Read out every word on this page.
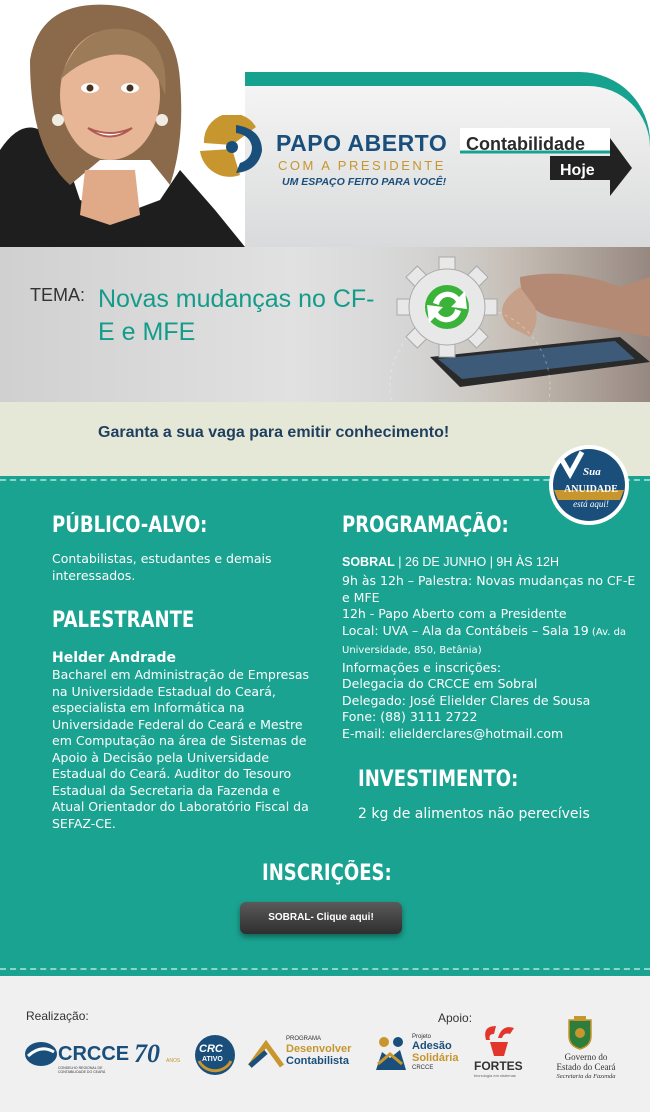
PAPO ABERTO
COM A PRESIDENTE
UM ESPAÇO FEITO PARA VOCÊ!
Contabilidade
Hoje
TEMA: Novas mudanças no CF-E e MFE
Garanta a sua vaga para emitir conhecimento!
Sua
ANUIDADE
está aqui!
PÚBLICO-ALVO:
Contabilistas, estudantes e demais interessados.
PALESTRANTE
Helder Andrade
Bacharel em Administração de Empresas na Universidade Estadual do Ceará, especialista em Informática na Universidade Federal do Ceará e Mestre em Computação na área de Sistemas de Apoio à Decisão pela Universidade Estadual do Ceará. Auditor do Tesouro Estadual da Secretaria da Fazenda e Atual Orientador do Laboratório Fiscal da SEFAZ-CE.
PROGRAMAÇÃO:
SOBRAL | 26 DE JUNHO | 9H ÀS 12H
9h às 12h – Palestra: Novas mudanças no CF-E e MFE
12h - Papo Aberto com a Presidente
Local: UVA – Ala da Contábeis – Sala 19 (Av. da Universidade, 850, Betânia)
Informações e inscrições:
Delegacia do CRCCE em Sobral
Delegado: José Elielder Clares de Sousa
Fone: (88) 3111 2722
E-mail: elielderclares@hotmail.com
INVESTIMENTO:
2 kg de alimentos não perecíveis
INSCRIÇÕES:
SOBRAL- Clique aqui!
Realização:	Apoio:
CRCCE
CONSELHO REGIONAL DE CONTABILIDADE DO CEARÁ
70 ANOS
CRC
ATIVO
PROGRAMA
Desenvolver
Contabilista
Projeto
Adesão
Solidária
CRCCE	FORTES
tecnologia em sistemas
Governo do
Estado do Ceará
Secretaria da Fazenda
